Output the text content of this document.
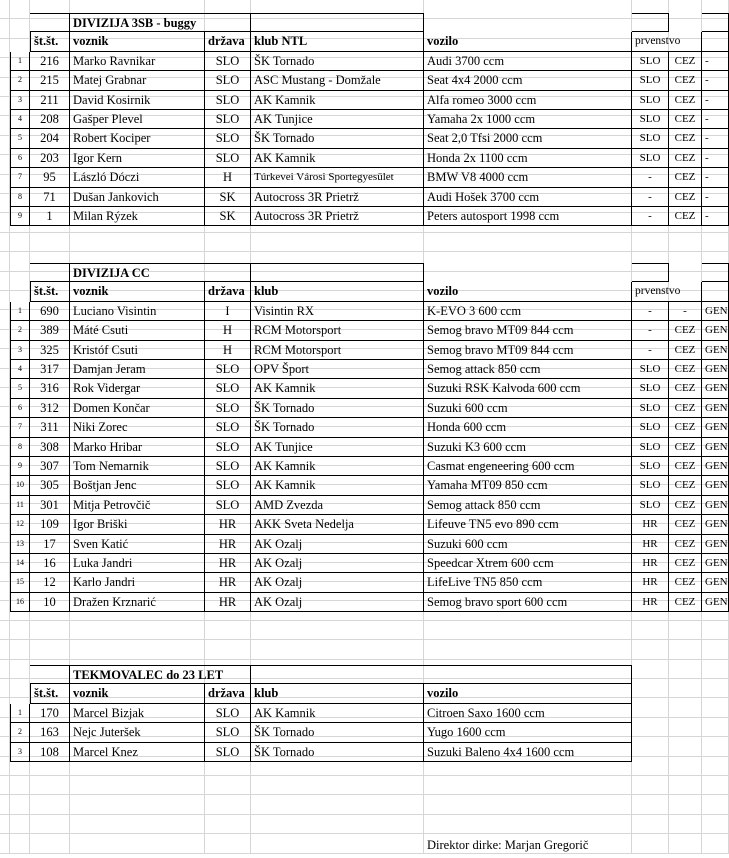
DIVIZIJA 3SB - buggy
št.št.	voznik	država klub NTL	vozilo	prvenstvo
1	216	Marko Ravnikar	SLO	ŠK Tornado	Audi 3700 ccm	SLO	CEZ -
2	215	Matej Grabnar	SLO	ASC Mustang - Domžale	Seat 4x4 2000 ccm	SLO	CEZ -
3	211	David Kosirnik	SLO	AK Kamnik	Alfa romeo 3000 ccm	SLO	CEZ -
4	208	Gašper Plevel	SLO	AK Tunjice	Yamaha 2x 1000 ccm	SLO	CEZ -
5	204	Robert Kociper	SLO	ŠK Tornado	Seat 2,0 Tfsi 2000 ccm	SLO	CEZ -
6	203	Igor Kern	SLO	AK Kamnik	Honda 2x 1100 ccm	SLO	CEZ -
7	95	László Dóczi	H	Túrkevei Városi Sportegyesület	BMW V8 4000 ccm	-	CEZ -
8	71	Dušan Jankovich	SK	Autocross 3R Prietrž	Audi Hošek 3700 ccm	-	CEZ -
9	1	Milan Rýzek	SK	Autocross 3R Prietrž	Peters autosport 1998 ccm	-	CEZ -
DIVIZIJA CC
št.št.	voznik	država klub	vozilo	prvenstvo
1	690	Luciano Visintin	I	Visintin RX	K-EVO 3 600 ccm	-	-	GEN
2	389	Máté Csuti	H	RCM Motorsport	Semog bravo MT09 844 ccm	-	CEZ GEN
3	325	Kristóf Csuti	H	RCM Motorsport	Semog bravo MT09 844 ccm	-	CEZ GEN
4	317	Damjan Jeram	SLO	OPV Šport	Semog attack 850 ccm	SLO	CEZ GEN
5	316	Rok Vidergar	SLO	AK Kamnik	Suzuki RSK Kalvoda 600 ccm	SLO	CEZ GEN
6	312	Domen Končar	SLO	ŠK Tornado	Suzuki 600 ccm	SLO	CEZ GEN
7	311	Niki Zorec	SLO	ŠK Tornado	Honda 600 ccm	SLO	CEZ GEN
8	308	Marko Hribar	SLO	AK Tunjice	Suzuki K3 600 ccm	SLO	CEZ GEN
9	307	Tom Nemarnik	SLO	AK Kamnik	Casmat engeneering 600 ccm	SLO	CEZ GEN
10	305	Boštjan Jenc	SLO	AK Kamnik	Yamaha MT09 850 ccm	SLO	CEZ GEN
11	301	Mitja Petrovčič	SLO	AMD Zvezda	Semog attack 850 ccm	SLO	CEZ GEN
12	109	Igor Briški	HR	AKK Sveta Nedelja	Lifeuve TN5 evo 890 ccm	HR	CEZ GEN
13	17	Sven Katić	HR	AK Ozalj	Suzuki 600 ccm	HR	CEZ GEN
14	16	Luka Jandri	HR	AK Ozalj	Speedcar Xtrem 600 ccm	HR	CEZ GEN
15	12	Karlo Jandri	HR	AK Ozalj	LifeLive TN5 850 ccm	HR	CEZ GEN
16	10	Dražen Krznarić	HR	AK Ozalj	Semog bravo sport 600 ccm	HR	CEZ GEN
TEKMOVALEC do 23 LET
št.št.	voznik	država klub	vozilo
1	170	Marcel Bizjak	SLO	AK Kamnik	Citroen Saxo 1600 ccm
2	163	Nejc Juteršek	SLO	ŠK Tornado	Yugo 1600 ccm
3	108	Marcel Knez	SLO	ŠK Tornado	Suzuki Baleno 4x4 1600 ccm
Direktor dirke: Marjan Gregorič
